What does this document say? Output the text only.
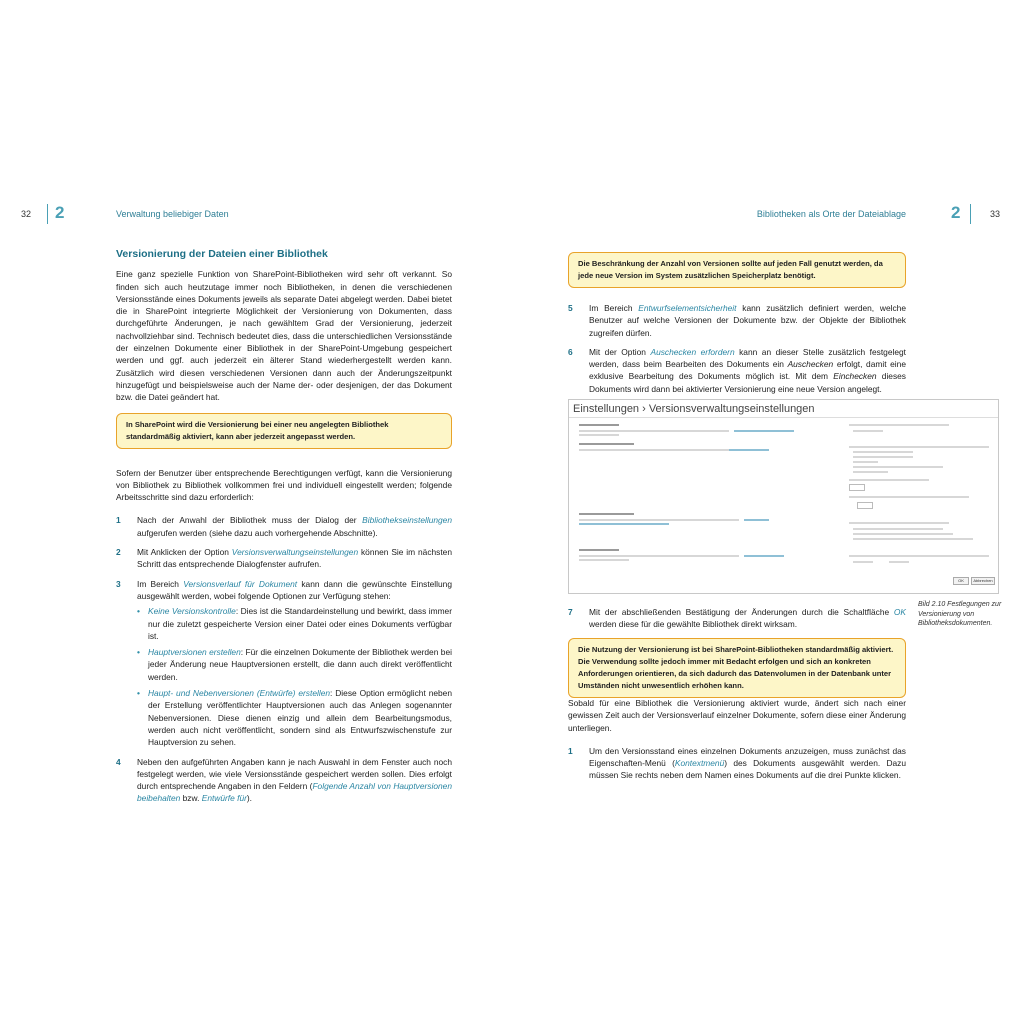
32 2	Verwaltung beliebiger Daten	Bibliotheken als Orte der Dateiablage	2	33
Versionierung der Dateien einer Bibliothek

Eine ganz spezielle Funktion von SharePoint-Bibliotheken wird sehr oft verkannt. So finden sich auch heutzutage immer noch Bibliotheken, in denen die verschiedenen Versionsstände eines Dokuments jeweils als separate Datei abgelegt werden. Dabei bietet die in SharePoint integrierte Möglichkeit der Versionierung von Dokumenten, dass durchgeführte Änderungen, je nach gewähltem Grad der Versionierung, jederzeit nachvollziehbar sind. Technisch bedeutet dies, dass die unterschiedlichen Versionsstände der einzelnen Dokumente einer Bibliothek in der SharePoint-Umgebung gespeichert werden und ggf. auch jederzeit ein älterer Stand wiederhergestellt werden kann. Zusätzlich wird diesen verschiedenen Versionen dann auch der Änderungszeitpunkt hinzugefügt und beispielsweise auch der Name der- oder desjenigen, der das Dokument bzw. die Datei geändert hat.

In SharePoint wird die Versionierung bei einer neu angelegten Bibliothek standardmäßig aktiviert, kann aber jederzeit angepasst werden.

Sofern der Benutzer über entsprechende Berechtigungen verfügt, kann die Versionierung von Bibliothek zu Bibliothek vollkommen frei und individuell eingestellt werden; folgende Arbeitsschritte sind dazu erforderlich:

1	Nach der Anwahl der Bibliothek muss der Dialog der Bibliothekseinstellungen aufgerufen werden (siehe dazu auch vorhergehende Abschnitte).
2	Mit Anklicken der Option Versionsverwaltungseinstellungen können Sie im nächsten Schritt das entsprechende Dialogfenster aufrufen.
3	Im Bereich Versionsverlauf für Dokument kann dann die gewünschte Einstellung ausgewählt werden, wobei folgende Optionen zur Verfügung stehen:
• Keine Versionskontrolle: Dies ist die Standardeinstellung und bewirkt, dass immer nur die zuletzt gespeicherte Version einer Datei oder eines Dokuments verfügbar ist.
• Hauptversionen erstellen: Für die einzelnen Dokumente der Bibliothek werden bei jeder Änderung neue Hauptversionen erstellt, die dann auch direkt veröffentlicht werden.
• Haupt- und Nebenversionen (Entwürfe) erstellen: Diese Option ermöglicht neben der Erstellung veröffentlichter Hauptversionen auch das Anlegen sogenannter Nebenversionen. Diese dienen einzig und allein dem Bearbeitungsmodus, werden auch nicht veröffentlicht, sondern sind als Entwurfszwischenstufe zur Hauptversion zu sehen.
4	Neben den aufgeführten Angaben kann je nach Auswahl in dem Fenster auch noch festgelegt werden, wie viele Versionsstände gespeichert werden sollen. Dies erfolgt durch entsprechende Angaben in den Feldern (Folgende Anzahl von Hauptversionen beibehalten bzw. Entwürfe für).
Die Beschränkung der Anzahl von Versionen sollte auf jeden Fall genutzt werden, da jede neue Version im System zusätzlichen Speicherplatz benötigt.
5	Im Bereich Entwurfselementsicherheit kann zusätzlich definiert werden, welche Benutzer auf welche Versionen der Dokumente bzw. der Objekte der Bibliothek zugreifen dürfen.
6	Mit der Option Auschecken erfordern kann an dieser Stelle zusätzlich festgelegt werden, dass beim Bearbeiten des Dokuments ein Auschecken erfolgt, damit eine exklusive Bearbeitung des Dokuments möglich ist. Mit dem Einchecken dieses Dokuments wird dann bei aktivierter Versionierung eine neue Version angelegt.
Einstellungen › Versionsverwaltungseinstellungen
OK	Abbrechen
7	Mit der abschließenden Bestätigung der Änderungen durch die Schaltfläche OK werden diese für die gewählte Bibliothek direkt wirksam.
Bild 2.10 Festlegungen zur Versionierung von Bibliotheksdokumenten.
Die Nutzung der Versionierung ist bei SharePoint-Bibliotheken standardmäßig aktiviert. Die Verwendung sollte jedoch immer mit Bedacht erfolgen und sich an konkreten Anforderungen orientieren, da sich dadurch das Datenvolumen in der Datenbank unter Umständen nicht unwesentlich erhöhen kann.

Sobald für eine Bibliothek die Versionierung aktiviert wurde, ändert sich nach einer gewissen Zeit auch der Versionsverlauf einzelner Dokumente, sofern diese einer Änderung unterliegen.

1	Um den Versionsstand eines einzelnen Dokuments anzuzeigen, muss zunächst das Eigenschaften-Menü (Kontextmenü) des Dokuments ausgewählt werden. Dazu müssen Sie rechts neben dem Namen eines Dokuments auf die drei Punkte klicken.
